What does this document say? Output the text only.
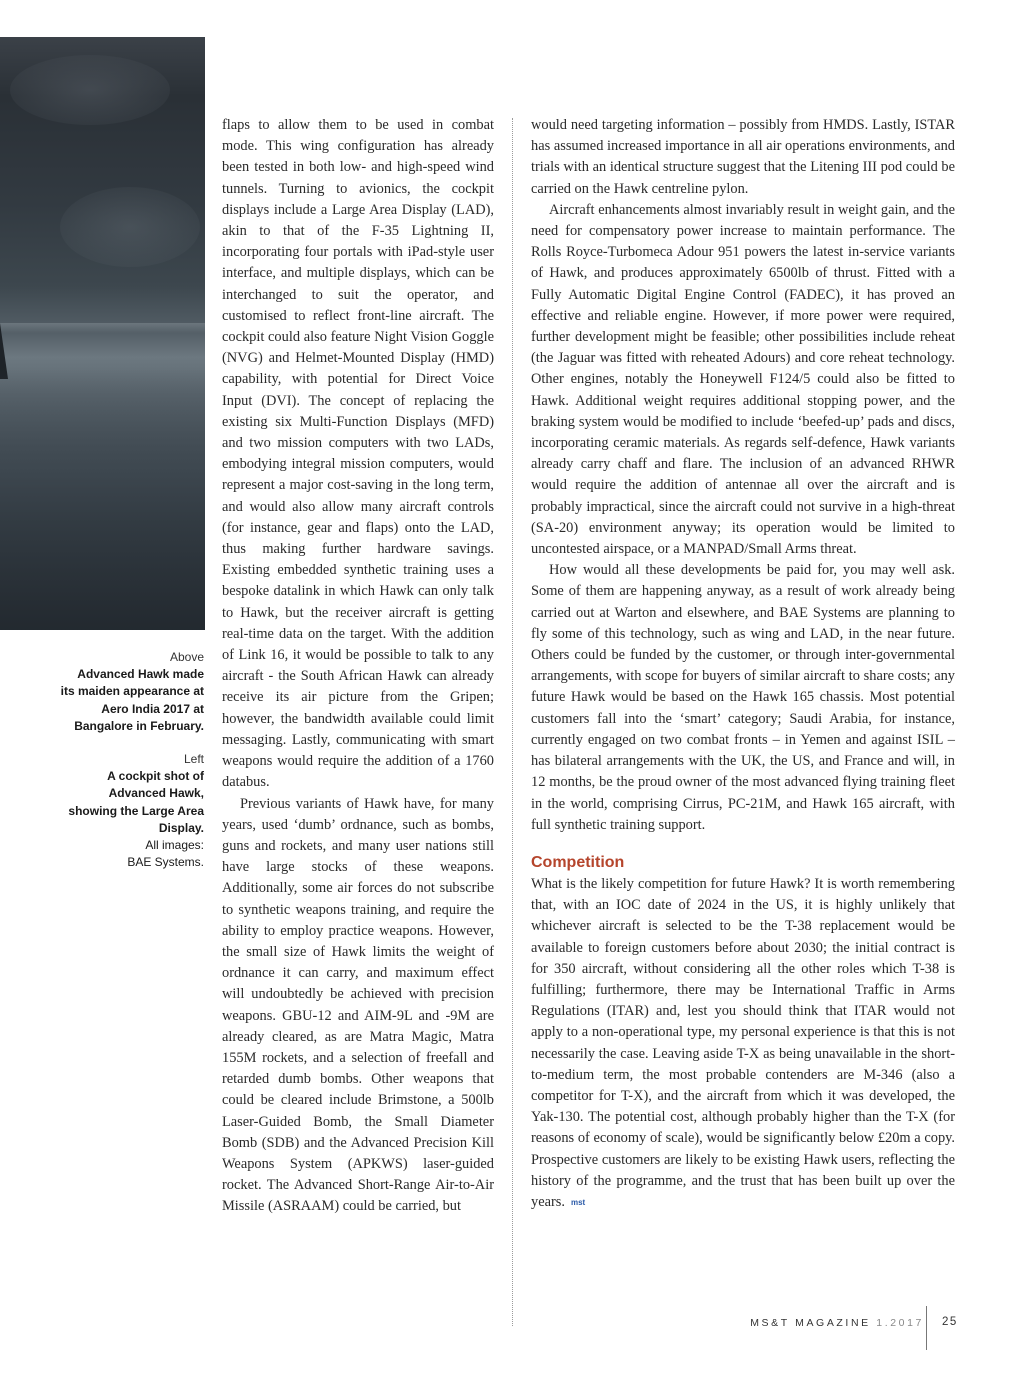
Above
Advanced Hawk made its maiden appearance at Aero India 2017 at Bangalore in February.
Left
A cockpit shot of Advanced Hawk, showing the Large Area Display.
All images:
BAE Systems.

flaps to allow them to be used in combat mode. This wing configuration has already been tested in both low- and high-speed wind tunnels. Turning to avionics, the cockpit displays include a Large Area Display (LAD), akin to that of the F-35 Lightning II, incorporating four portals with iPad-style user interface, and multiple displays, which can be interchanged to suit the operator, and customised to reflect front-line aircraft. The cockpit could also feature Night Vision Goggle (NVG) and Helmet-Mounted Display (HMD) capability, with potential for Direct Voice Input (DVI). The concept of replacing the existing six Multi-Function Displays (MFD) and two mission computers with two LADs, embodying integral mission computers, would represent a major cost-saving in the long term, and would also allow many aircraft controls (for instance, gear and flaps) onto the LAD, thus making further hardware savings. Existing embedded synthetic training uses a bespoke datalink in which Hawk can only talk to Hawk, but the receiver aircraft is getting real-time data on the target. With the addition of Link 16, it would be possible to talk to any aircraft - the South African Hawk can already receive its air picture from the Gripen; however, the bandwidth available could limit messaging. Lastly, communicating with smart weapons would require the addition of a 1760 databus.

Previous variants of Hawk have, for many years, used ‘dumb’ ordnance, such as bombs, guns and rockets, and many user nations still have large stocks of these weapons. Additionally, some air forces do not subscribe to synthetic weapons training, and require the ability to employ practice weapons. However, the small size of Hawk limits the weight of ordnance it can carry, and maximum effect will undoubtedly be achieved with precision weapons. GBU-12 and AIM-9L and -9M are already cleared, as are Matra Magic, Matra 155M rockets, and a selection of freefall and retarded dumb bombs. Other weapons that could be cleared include Brimstone, a 500lb Laser-Guided Bomb, the Small Diameter Bomb (SDB) and the Advanced Precision Kill Weapons System (APKWS) laser-guided rocket. The Advanced Short-Range Air-to-Air Missile (ASRAAM) could be carried, but

would need targeting information – possibly from HMDS. Lastly, ISTAR has assumed increased importance in all air operations environments, and trials with an identical structure suggest that the Litening III pod could be carried on the Hawk centreline pylon.

Aircraft enhancements almost invariably result in weight gain, and the need for compensatory power increase to maintain performance. The Rolls Royce-Turbomeca Adour 951 powers the latest in-service variants of Hawk, and produces approximately 6500lb of thrust. Fitted with a Fully Automatic Digital Engine Control (FADEC), it has proved an effective and reliable engine. However, if more power were required, further development might be feasible; other possibilities include reheat (the Jaguar was fitted with reheated Adours) and core reheat technology. Other engines, notably the Honeywell F124/5 could also be fitted to Hawk. Additional weight requires additional stopping power, and the braking system would be modified to include ‘beefed-up’ pads and discs, incorporating ceramic materials. As regards self-defence, Hawk variants already carry chaff and flare. The inclusion of an advanced RHWR would require the addition of antennae all over the aircraft and is probably impractical, since the aircraft could not survive in a high-threat (SA-20) environment anyway; its operation would be limited to uncontested airspace, or a MANPAD/Small Arms threat.

How would all these developments be paid for, you may well ask. Some of them are happening anyway, as a result of work already being carried out at Warton and elsewhere, and BAE Systems are planning to fly some of this technology, such as wing and LAD, in the near future. Others could be funded by the customer, or through inter-governmental arrangements, with scope for buyers of similar aircraft to share costs; any future Hawk would be based on the Hawk 165 chassis. Most potential customers fall into the ‘smart’ category; Saudi Arabia, for instance, currently engaged on two combat fronts – in Yemen and against ISIL – has bilateral arrangements with the UK, the US, and France and will, in 12 months, be the proud owner of the most advanced flying training fleet in the world, comprising Cirrus, PC-21M, and Hawk 165 aircraft, with full synthetic training support.

Competition

What is the likely competition for future Hawk? It is worth remembering that, with an IOC date of 2024 in the US, it is highly unlikely that whichever aircraft is selected to be the T-38 replacement would be available to foreign customers before about 2030; the initial contract is for 350 aircraft, without considering all the other roles which T-38 is fulfilling; furthermore, there may be International Traffic in Arms Regulations (ITAR) and, lest you should think that ITAR would not apply to a non-operational type, my personal experience is that this is not necessarily the case. Leaving aside T-X as being unavailable in the short-to-medium term, the most probable contenders are M-346 (also a competitor for T-X), and the aircraft from which it was developed, the Yak-130. The potential cost, although probably higher than the T-X (for reasons of economy of scale), would be significantly below £20m a copy. Prospective customers are likely to be existing Hawk users, reflecting the history of the programme, and the trust that has been built up over the years. mst

MS&T MAGAZINE 1.2017 25
